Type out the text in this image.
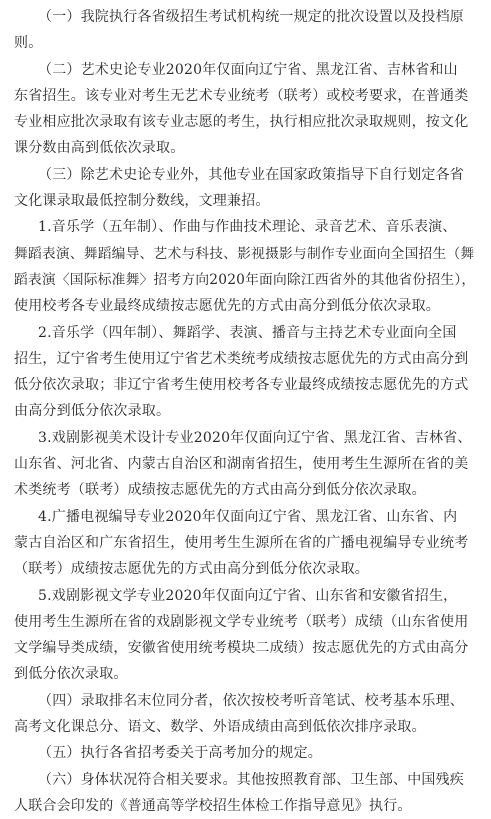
（一）我院执行各省级招生考试机构统一规定的批次设置以及投档原
则。
（二）艺术史论专业2020年仅面向辽宁省、黑龙江省、吉林省和山
东省招生。该专业对考生无艺术专业统考（联考）或校考要求，在普通类
专业相应批次录取有该专业志愿的考生，执行相应批次录取规则，按文化
课分数由高到低依次录取。
（三）除艺术史论专业外，其他专业在国家政策指导下自行划定各省
文化课录取最低控制分数线，文理兼招。
1.音乐学（五年制）、作曲与作曲技术理论、录音艺术、音乐表演、
舞蹈表演、舞蹈编导、艺术与科技、影视摄影与制作专业面向全国招生（舞
蹈表演〈国际标准舞〉招考方向2020年面向除江西省外的其他省份招生），
使用校考各专业最终成绩按志愿优先的方式由高分到低分依次录取。
2.音乐学（四年制）、舞蹈学、表演、播音与主持艺术专业面向全国
招生，辽宁省考生使用辽宁省艺术类统考成绩按志愿优先的方式由高分到
低分依次录取；非辽宁省考生使用校考各专业最终成绩按志愿优先的方式
由高分到低分依次录取。
3.戏剧影视美术设计专业2020年仅面向辽宁省、黑龙江省、吉林省、
山东省、河北省、内蒙古自治区和湖南省招生，使用考生生源所在省的美
术类统考（联考）成绩按志愿优先的方式由高分到低分依次录取。
4.广播电视编导专业2020年仅面向辽宁省、黑龙江省、山东省、内
蒙古自治区和广东省招生，使用考生生源所在省的广播电视编导专业统考
（联考）成绩按志愿优先的方式由高分到低分依次录取。
5.戏剧影视文学专业2020年仅面向辽宁省、山东省和安徽省招生，
使用考生生源所在省的戏剧影视文学专业统考（联考）成绩（山东省使用
文学编导类成绩，安徽省使用统考模块二成绩）按志愿优先的方式由高分
到低分依次录取。
（四）录取排名末位同分者，依次按校考听音笔试、校考基本乐理、
高考文化课总分、语文、数学、外语成绩由高到低依次排序录取。
（五）执行各省招考委关于高考加分的规定。
（六）身体状况符合相关要求。其他按照教育部、卫生部、中国残疾
人联合会印发的《普通高等学校招生体检工作指导意见》执行。
